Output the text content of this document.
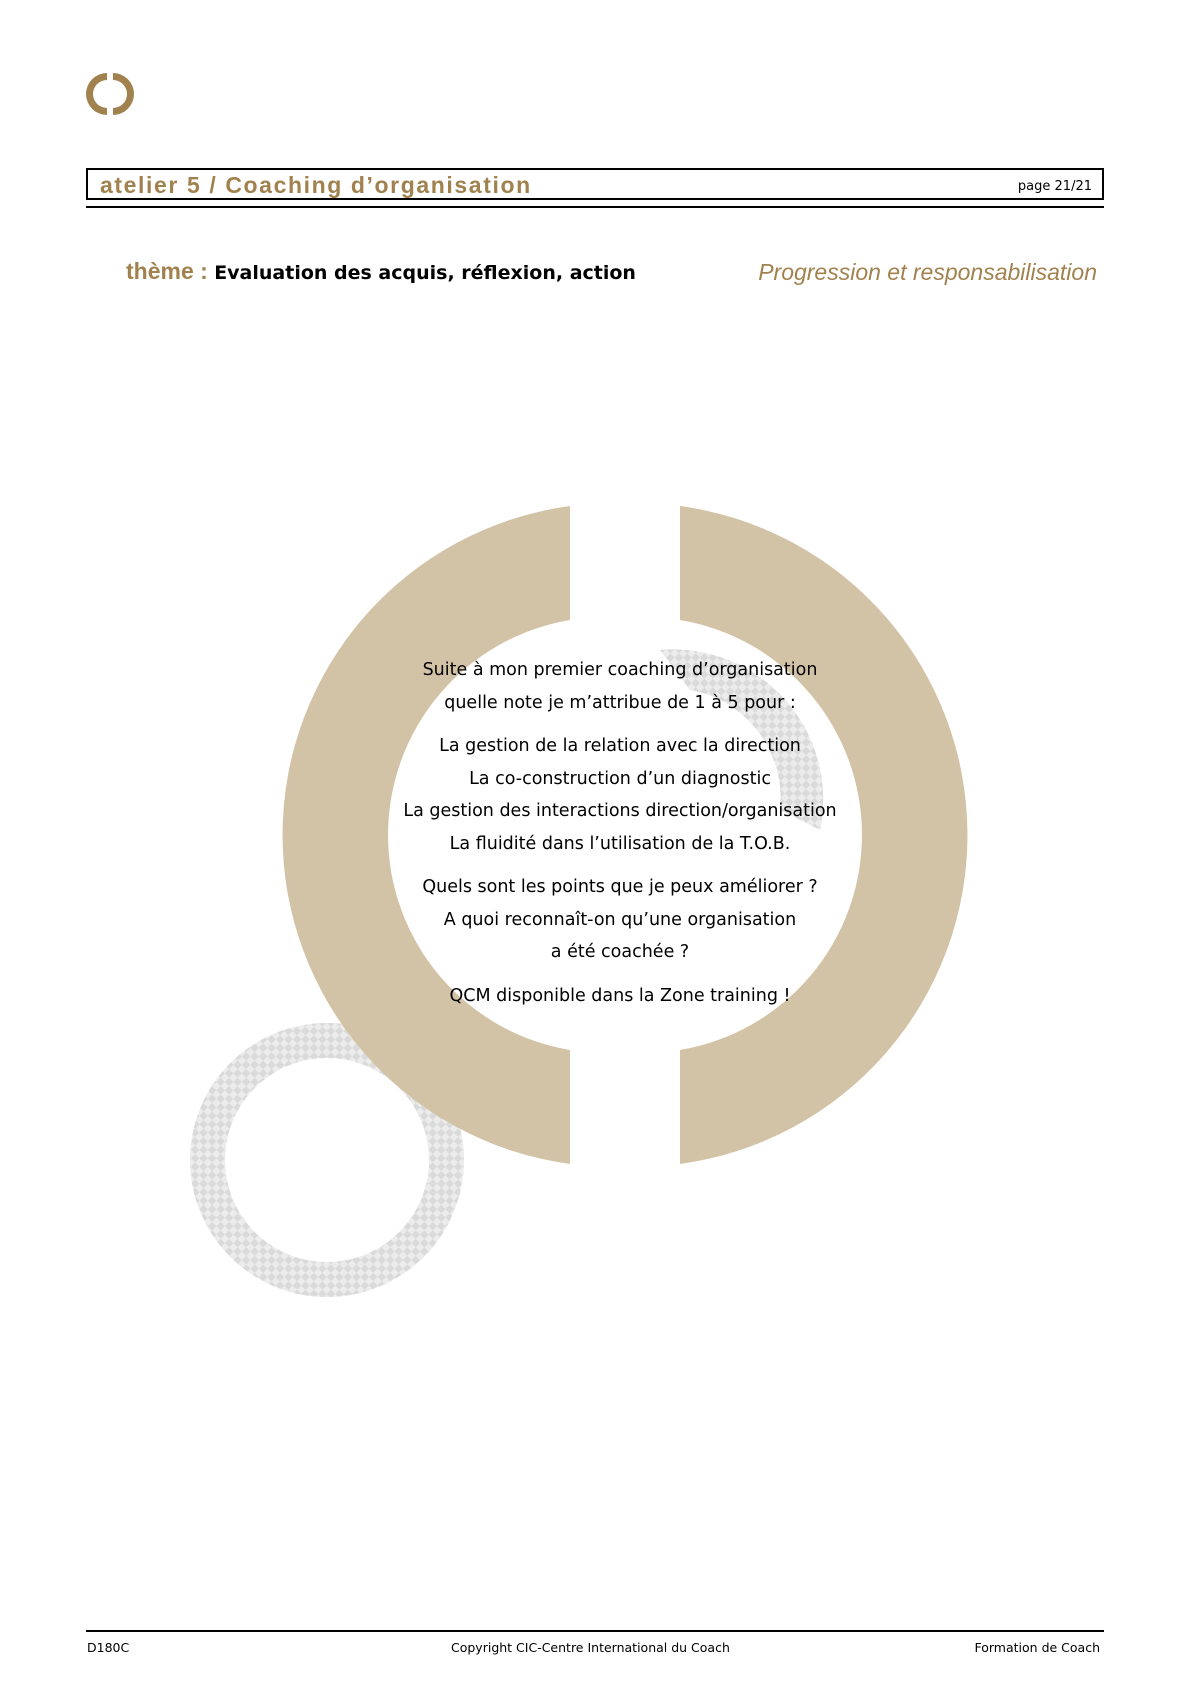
atelier 5 / Coaching d’organisation	page 21/21
thème : Evaluation des acquis, réflexion, action	Progression et responsabilisation
Suite à mon premier coaching d’organisation
quelle note je m’attribue de 1 à 5 pour :
La gestion de la relation avec la direction
La co-construction d’un diagnostic
La gestion des interactions direction/organisation
La fluidité dans l’utilisation de la T.O.B.
Quels sont les points que je peux améliorer ?
A quoi reconnaît-on qu’une organisation
a été coachée ?
QCM disponible dans la Zone training !
D180C	Copyright CIC-Centre International du Coach	Formation de Coach
